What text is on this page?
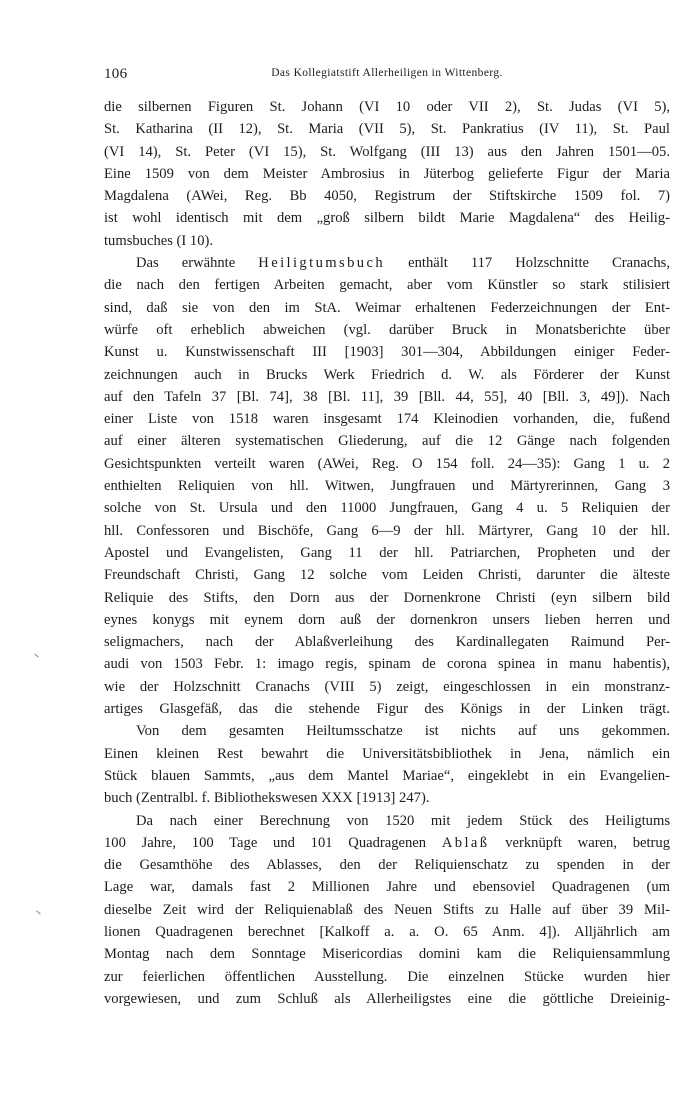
106	Das Kollegiatstift Allerheiligen in Wittenberg.
die silbernen Figuren St. Johann (VI 10 oder VII 2), St. Judas (VI 5),
St. Katharina (II 12), St. Maria (VII 5), St. Pankratius (IV 11), St. Paul
(VI 14), St. Peter (VI 15), St. Wolfgang (III 13) aus den Jahren 1501—05.
Eine 1509 von dem Meister Ambrosius in Jüterbog gelieferte Figur der Maria
Magdalena (AWei, Reg. Bb 4050, Registrum der Stiftskirche 1509 fol. 7)
ist wohl identisch mit dem „groß silbern bildt Marie Magdalena“ des Heilig-
tumsbuches (I 10).
Das erwähnte Heiligtumsbuch enthält 117 Holzschnitte Cranachs,
die nach den fertigen Arbeiten gemacht, aber vom Künstler so stark stilisiert
sind, daß sie von den im StA. Weimar erhaltenen Federzeichnungen der Ent-
würfe oft erheblich abweichen (vgl. darüber Bruck in Monatsberichte über
Kunst u. Kunstwissenschaft III [1903] 301—304, Abbildungen einiger Feder-
zeichnungen auch in Brucks Werk Friedrich d. W. als Förderer der Kunst
auf den Tafeln 37 [Bl. 74], 38 [Bl. 11], 39 [Bll. 44, 55], 40 [Bll. 3, 49]). Nach
einer Liste von 1518 waren insgesamt 174 Kleinodien vorhanden, die, fußend
auf einer älteren systematischen Gliederung, auf die 12 Gänge nach folgenden
Gesichtspunkten verteilt waren (AWei, Reg. O 154 foll. 24—35): Gang 1 u. 2
enthielten Reliquien von hll. Witwen, Jungfrauen und Märtyrerinnen, Gang 3
solche von St. Ursula und den 11000 Jungfrauen, Gang 4 u. 5 Reliquien der
hll. Confessoren und Bischöfe, Gang 6—9 der hll. Märtyrer, Gang 10 der hll.
Apostel und Evangelisten, Gang 11 der hll. Patriarchen, Propheten und der
Freundschaft Christi, Gang 12 solche vom Leiden Christi, darunter die älteste
Reliquie des Stifts, den Dorn aus der Dornenkrone Christi (eyn silbern bild
eynes konygs mit eynem dorn auß der dornenkron unsers lieben herren und
seligmachers, nach der Ablaßverleihung des Kardinallegaten Raimund Per-
audi von 1503 Febr. 1: imago regis, spinam de corona spinea in manu habentis),
wie der Holzschnitt Cranachs (VIII 5) zeigt, eingeschlossen in ein monstranz-
artiges Glasgefäß, das die stehende Figur des Königs in der Linken trägt.
Von dem gesamten Heiltumsschatze ist nichts auf uns gekommen.
Einen kleinen Rest bewahrt die Universitätsbibliothek in Jena, nämlich ein
Stück blauen Sammts, „aus dem Mantel Mariae“, eingeklebt in ein Evangelien-
buch (Zentralbl. f. Bibliothekswesen XXX [1913] 247).
Da nach einer Berechnung von 1520 mit jedem Stück des Heiligtums
100 Jahre, 100 Tage und 101 Quadragenen Ablaß verknüpft waren, betrug
die Gesamthöhe des Ablasses, den der Reliquienschatz zu spenden in der
Lage war, damals fast 2 Millionen Jahre und ebensoviel Quadragenen (um
dieselbe Zeit wird der Reliquienablaß des Neuen Stifts zu Halle auf über 39 Mil-
lionen Quadragenen berechnet [Kalkoff a. a. O. 65 Anm. 4]). Alljährlich am
Montag nach dem Sonntage Misericordias domini kam die Reliquiensammlung
zur feierlichen öffentlichen Ausstellung. Die einzelnen Stücke wurden hier
vorgewiesen, und zum Schluß als Allerheiligstes eine die göttliche Dreieinig-
